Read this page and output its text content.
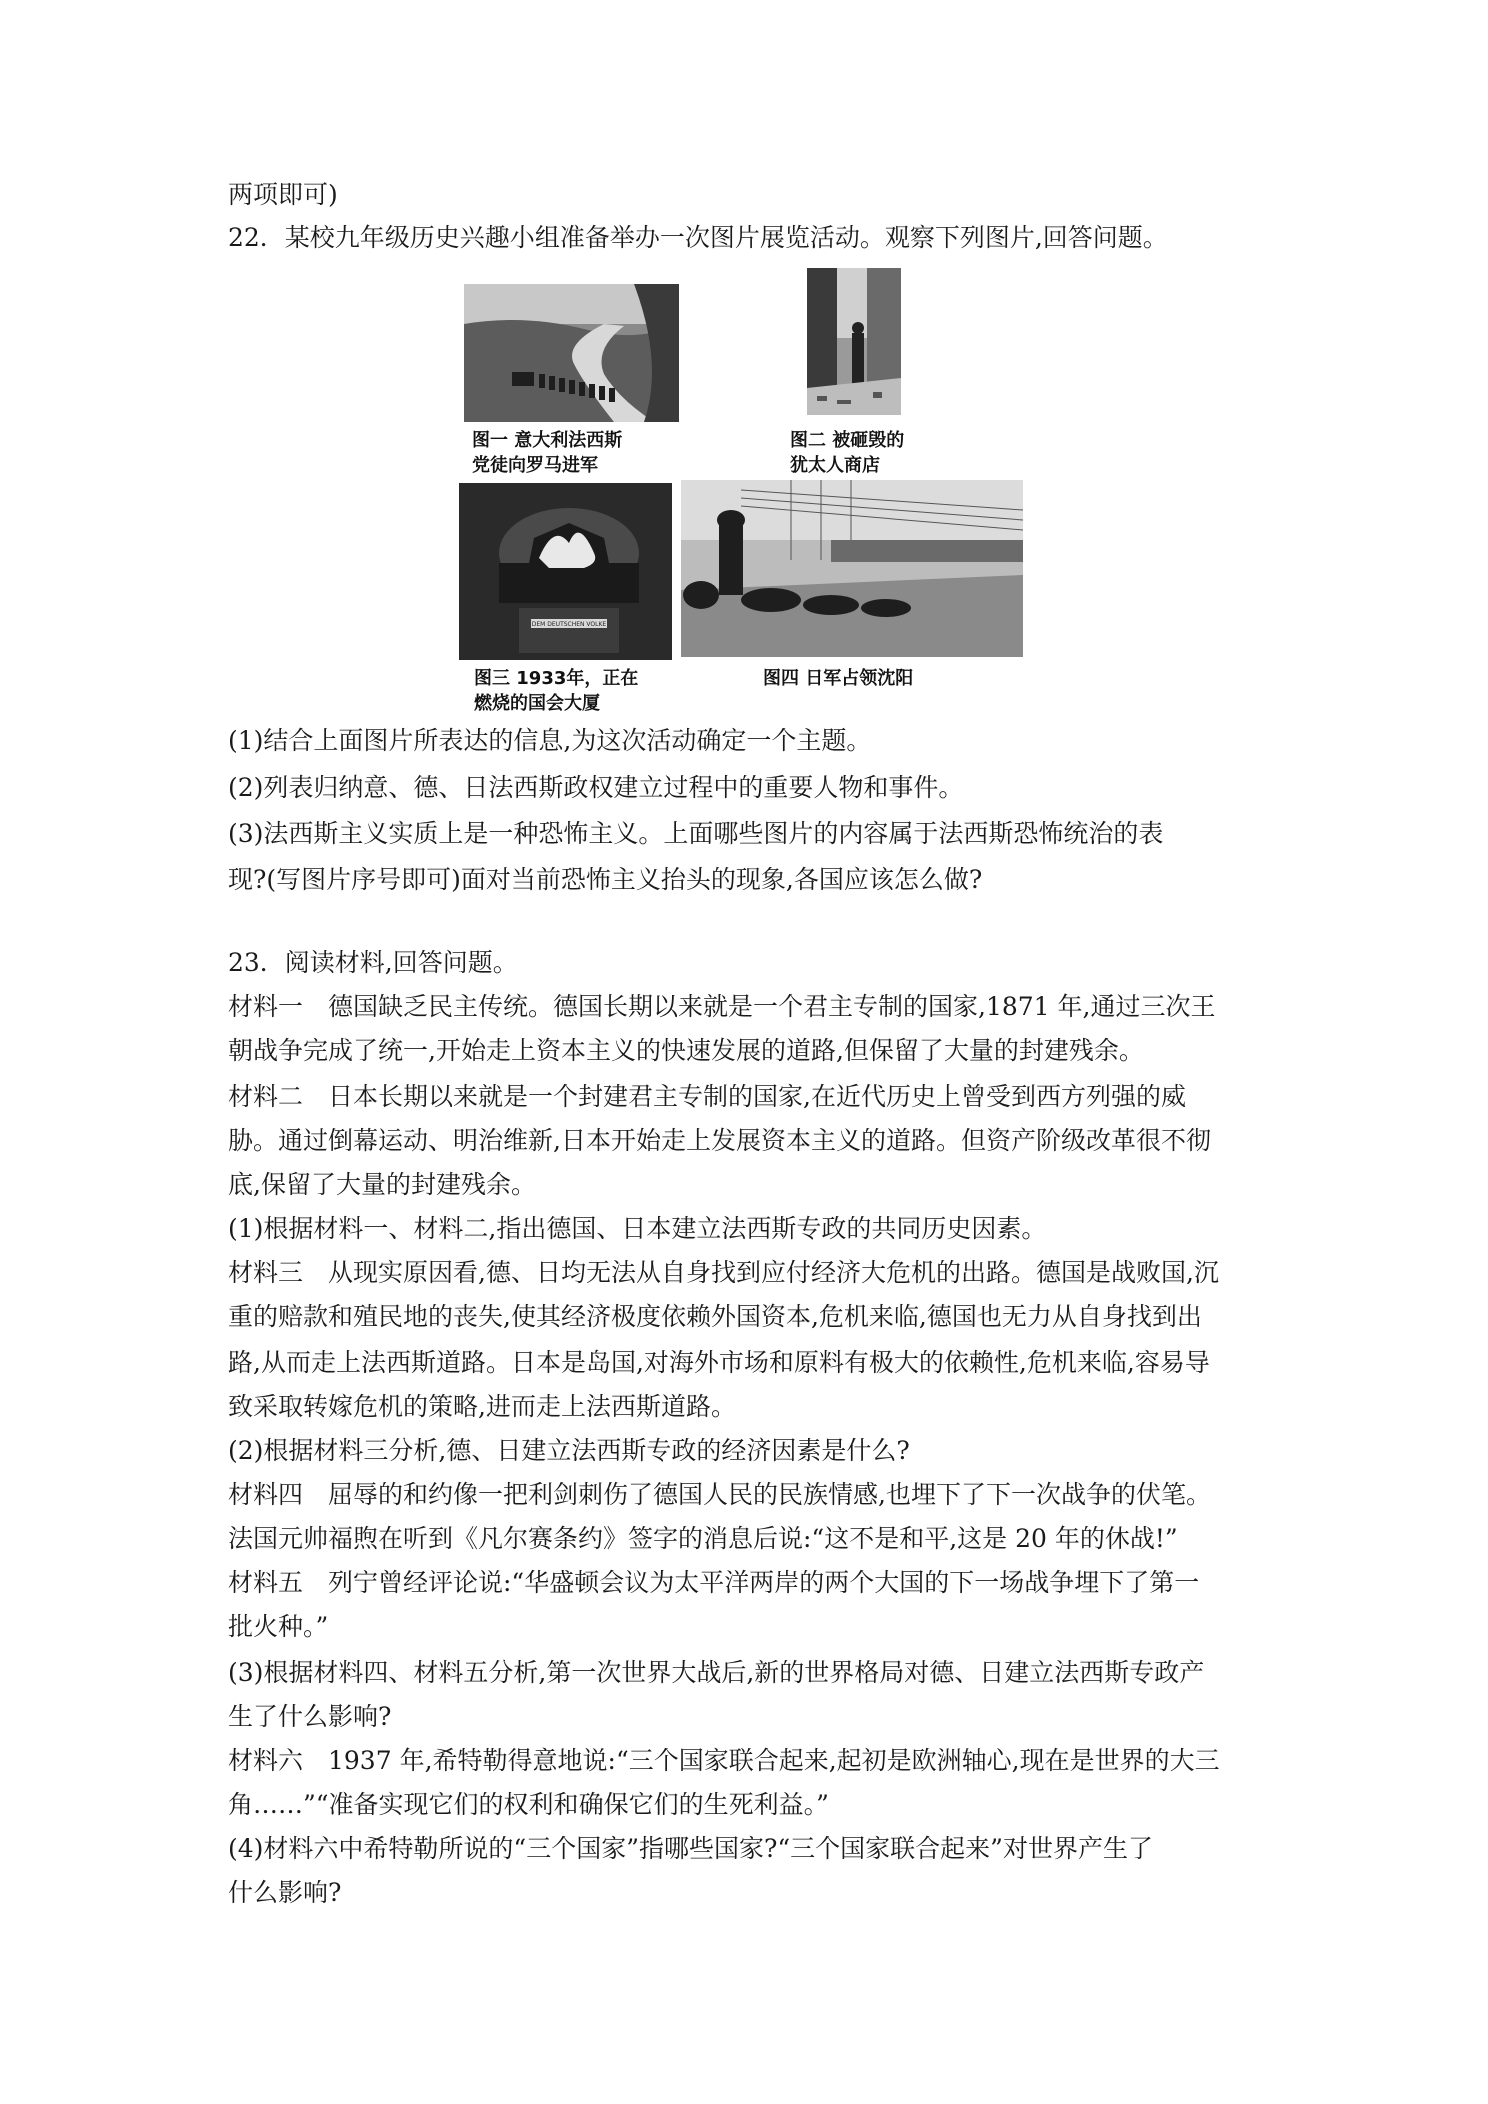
两项即可)
22．某校九年级历史兴趣小组准备举办一次图片展览活动。观察下列图片,回答问题。
图一 意大利法西斯
党徒向罗马进军
图二 被砸毁的
犹太人商店
DEM DEUTSCHEN VOLKE
图三 1933年，正在
燃烧的国会大厦
图四 日军占领沈阳
(1)结合上面图片所表达的信息,为这次活动确定一个主题。
(2)列表归纳意、德、日法西斯政权建立过程中的重要人物和事件。
(3)法西斯主义实质上是一种恐怖主义。上面哪些图片的内容属于法西斯恐怖统治的表
现?(写图片序号即可)面对当前恐怖主义抬头的现象,各国应该怎么做?
23．阅读材料,回答问题。
材料一　德国缺乏民主传统。德国长期以来就是一个君主专制的国家,1871 年,通过三次王
朝战争完成了统一,开始走上资本主义的快速发展的道路,但保留了大量的封建残余。
材料二　日本长期以来就是一个封建君主专制的国家,在近代历史上曾受到西方列强的威
胁。通过倒幕运动、明治维新,日本开始走上发展资本主义的道路。但资产阶级改革很不彻
底,保留了大量的封建残余。
(1)根据材料一、材料二,指出德国、日本建立法西斯专政的共同历史因素。
材料三　从现实原因看,德、日均无法从自身找到应付经济大危机的出路。德国是战败国,沉
重的赔款和殖民地的丧失,使其经济极度依赖外国资本,危机来临,德国也无力从自身找到出
路,从而走上法西斯道路。日本是岛国,对海外市场和原料有极大的依赖性,危机来临,容易导
致采取转嫁危机的策略,进而走上法西斯道路。
(2)根据材料三分析,德、日建立法西斯专政的经济因素是什么?
材料四　屈辱的和约像一把利剑刺伤了德国人民的民族情感,也埋下了下一次战争的伏笔。
法国元帅福煦在听到《凡尔赛条约》签字的消息后说:“这不是和平,这是 20 年的休战!”
材料五　列宁曾经评论说:“华盛顿会议为太平洋两岸的两个大国的下一场战争埋下了第一
批火种。”
(3)根据材料四、材料五分析,第一次世界大战后,新的世界格局对德、日建立法西斯专政产
生了什么影响?
材料六　1937 年,希特勒得意地说:“三个国家联合起来,起初是欧洲轴心,现在是世界的大三
角……”“准备实现它们的权利和确保它们的生死利益。”
(4)材料六中希特勒所说的“三个国家”指哪些国家?“三个国家联合起来”对世界产生了
什么影响?
